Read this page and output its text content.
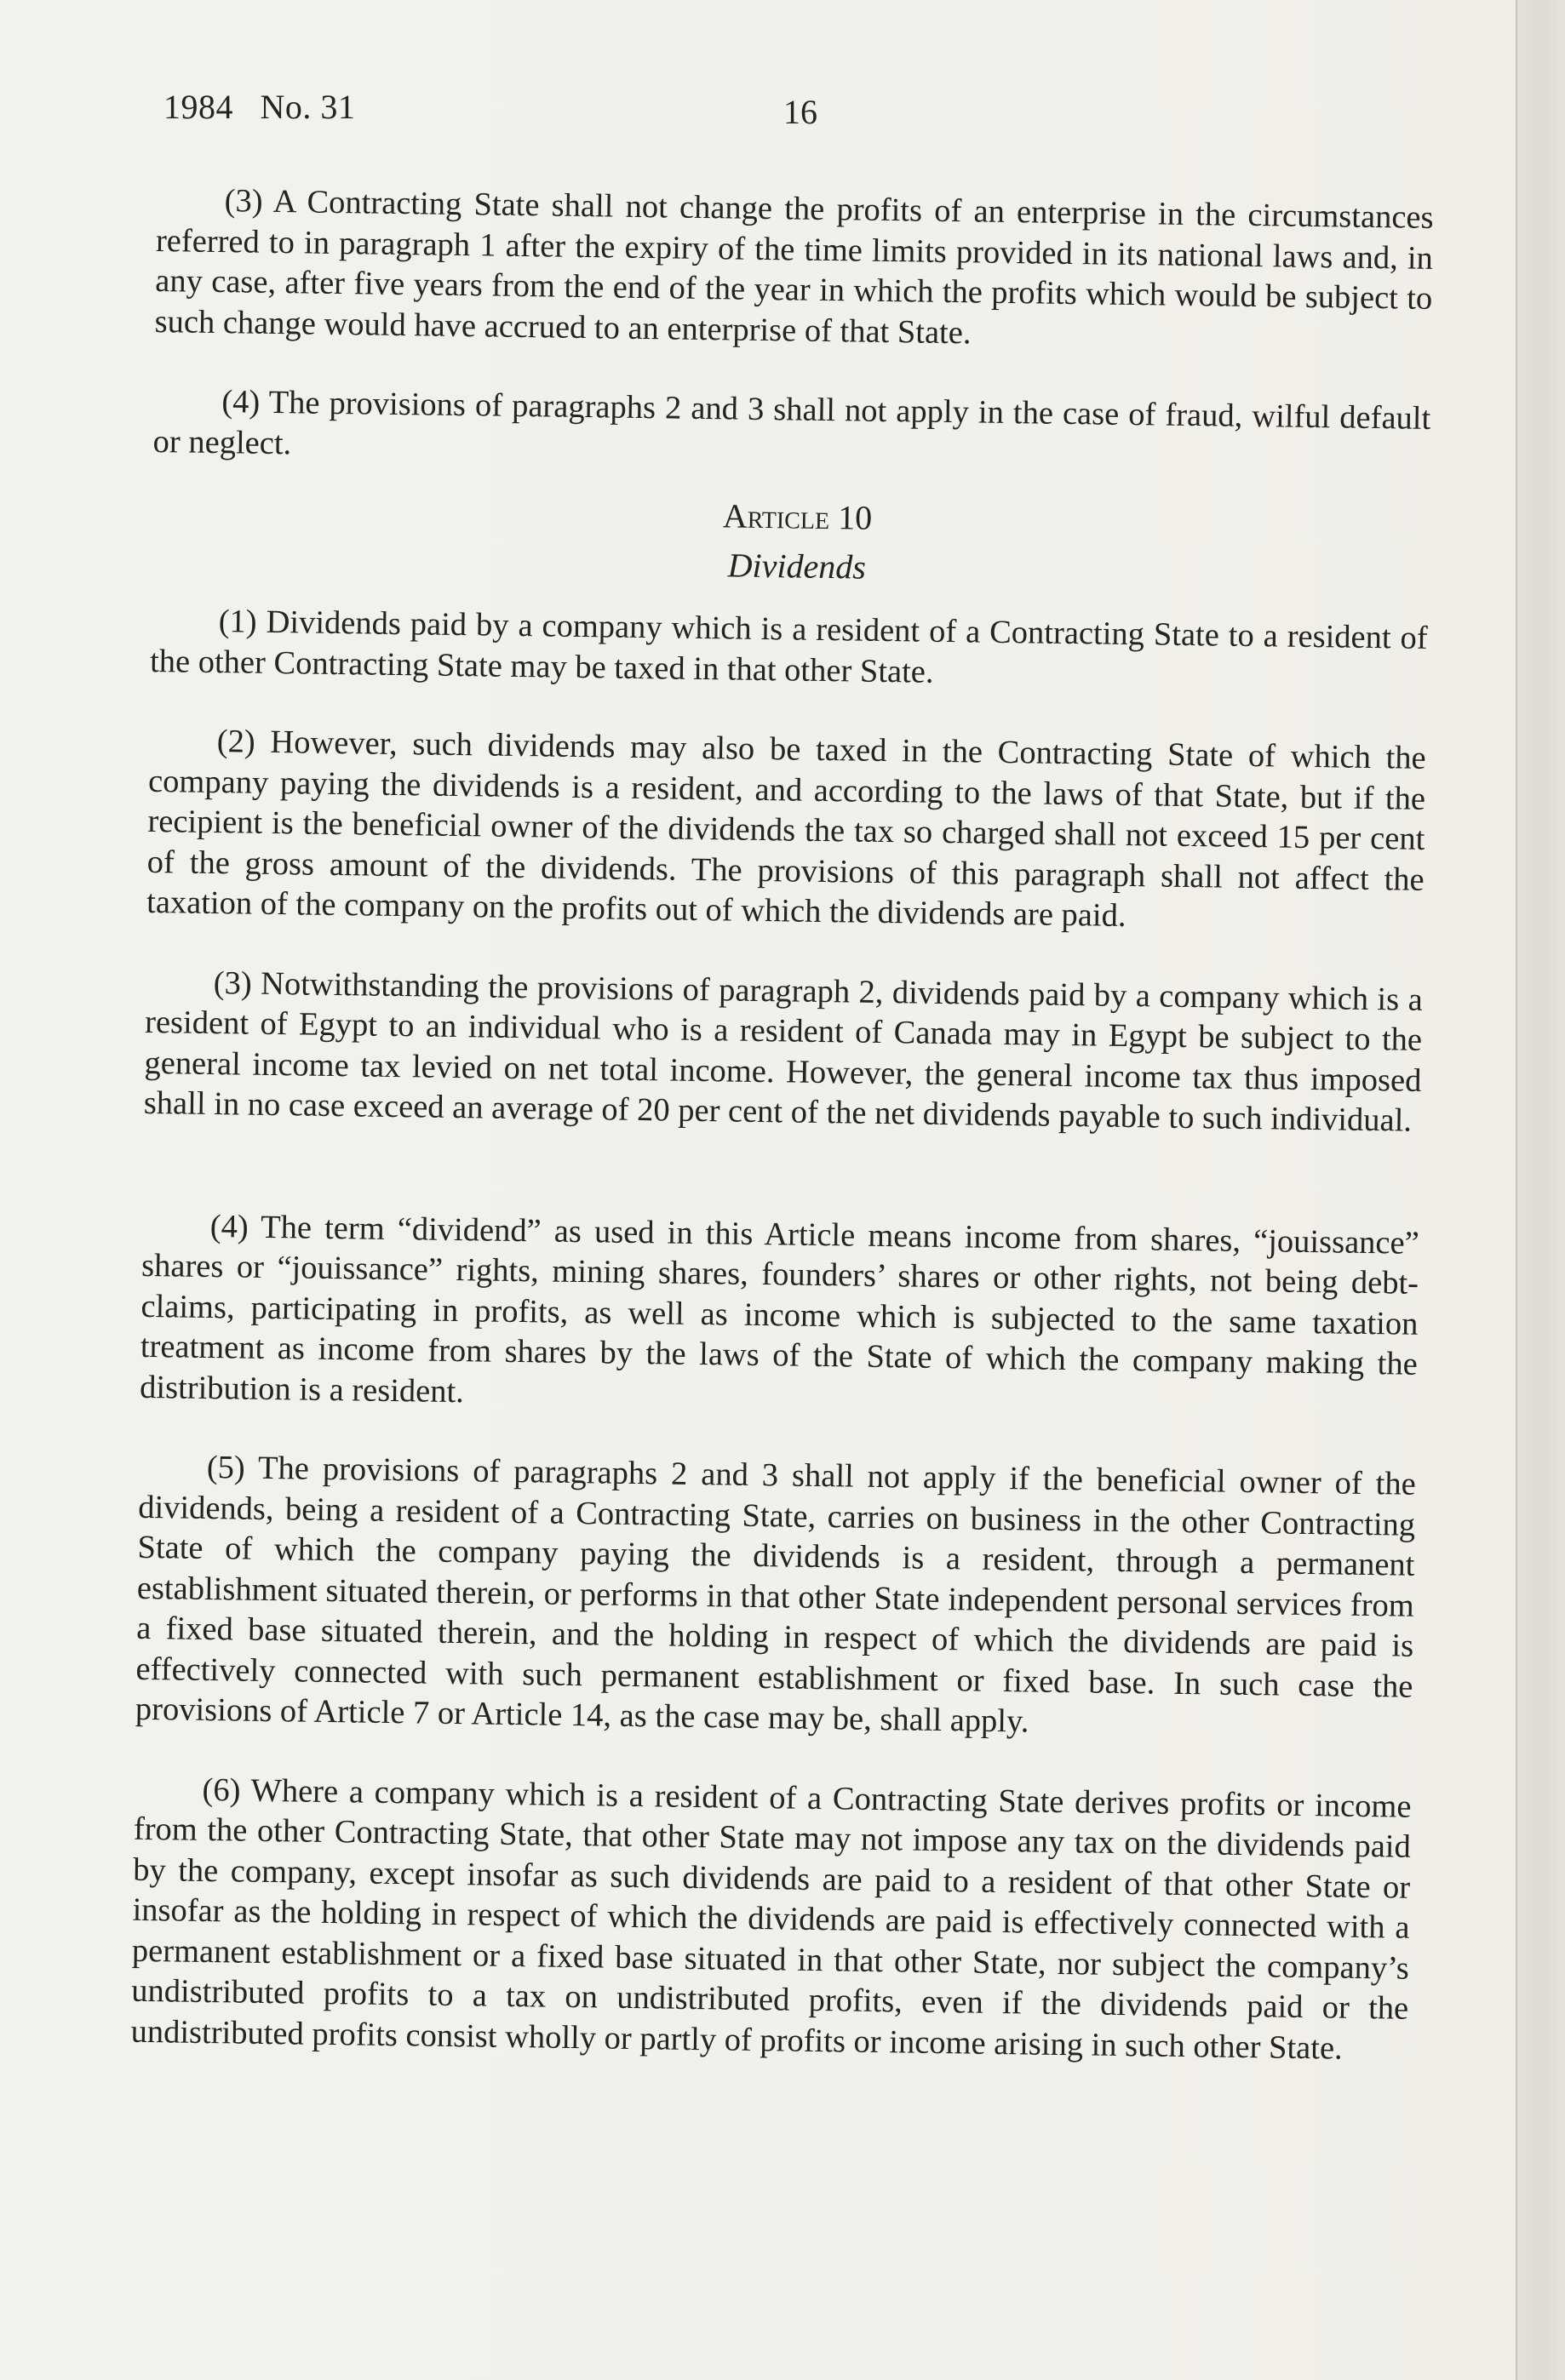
1984   No. 31	16

(3) A Contracting State shall not change the profits of an enterprise in the circumstances referred to in paragraph 1 after the expiry of the time limits provided in its national laws and, in any case, after five years from the end of the year in which the profits which would be subject to such change would have accrued to an enterprise of that State.

(4) The provisions of paragraphs 2 and 3 shall not apply in the case of fraud, wilful default or neglect.

Article 10

Dividends

(1) Dividends paid by a company which is a resident of a Contracting State to a resident of the other Contracting State may be taxed in that other State.

(2) However, such dividends may also be taxed in the Contracting State of which the company paying the dividends is a resident, and according to the laws of that State, but if the recipient is the beneficial owner of the dividends the tax so charged shall not exceed 15 per cent of the gross amount of the dividends. The provisions of this paragraph shall not affect the taxation of the company on the profits out of which the dividends are paid.

(3) Notwithstanding the provisions of paragraph 2, dividends paid by a company which is a resident of Egypt to an individual who is a resident of Canada may in Egypt be subject to the general income tax levied on net total income. However, the general income tax thus imposed shall in no case exceed an average of 20 per cent of the net dividends payable to such individual.

(4) The term “dividend” as used in this Article means income from shares, “jouissance” shares or “jouissance” rights, mining shares, founders’ shares or other rights, not being debt-claims, participating in profits, as well as income which is subjected to the same taxation treatment as income from shares by the laws of the State of which the company making the distribution is a resident.

(5) The provisions of paragraphs 2 and 3 shall not apply if the beneficial owner of the dividends, being a resident of a Contracting State, carries on business in the other Contracting State of which the company paying the dividends is a resident, through a permanent establishment situated therein, or performs in that other State independent personal services from a fixed base situated therein, and the holding in respect of which the dividends are paid is effectively connected with such permanent establishment or fixed base. In such case the provisions of Article 7 or Article 14, as the case may be, shall apply.

(6) Where a company which is a resident of a Contracting State derives profits or income from the other Contracting State, that other State may not impose any tax on the dividends paid by the company, except insofar as such dividends are paid to a resident of that other State or insofar as the holding in respect of which the dividends are paid is effectively connected with a permanent establishment or a fixed base situated in that other State, nor subject the company’s undistributed profits to a tax on undistributed profits, even if the dividends paid or the undistributed profits consist wholly or partly of profits or income arising in such other State.
